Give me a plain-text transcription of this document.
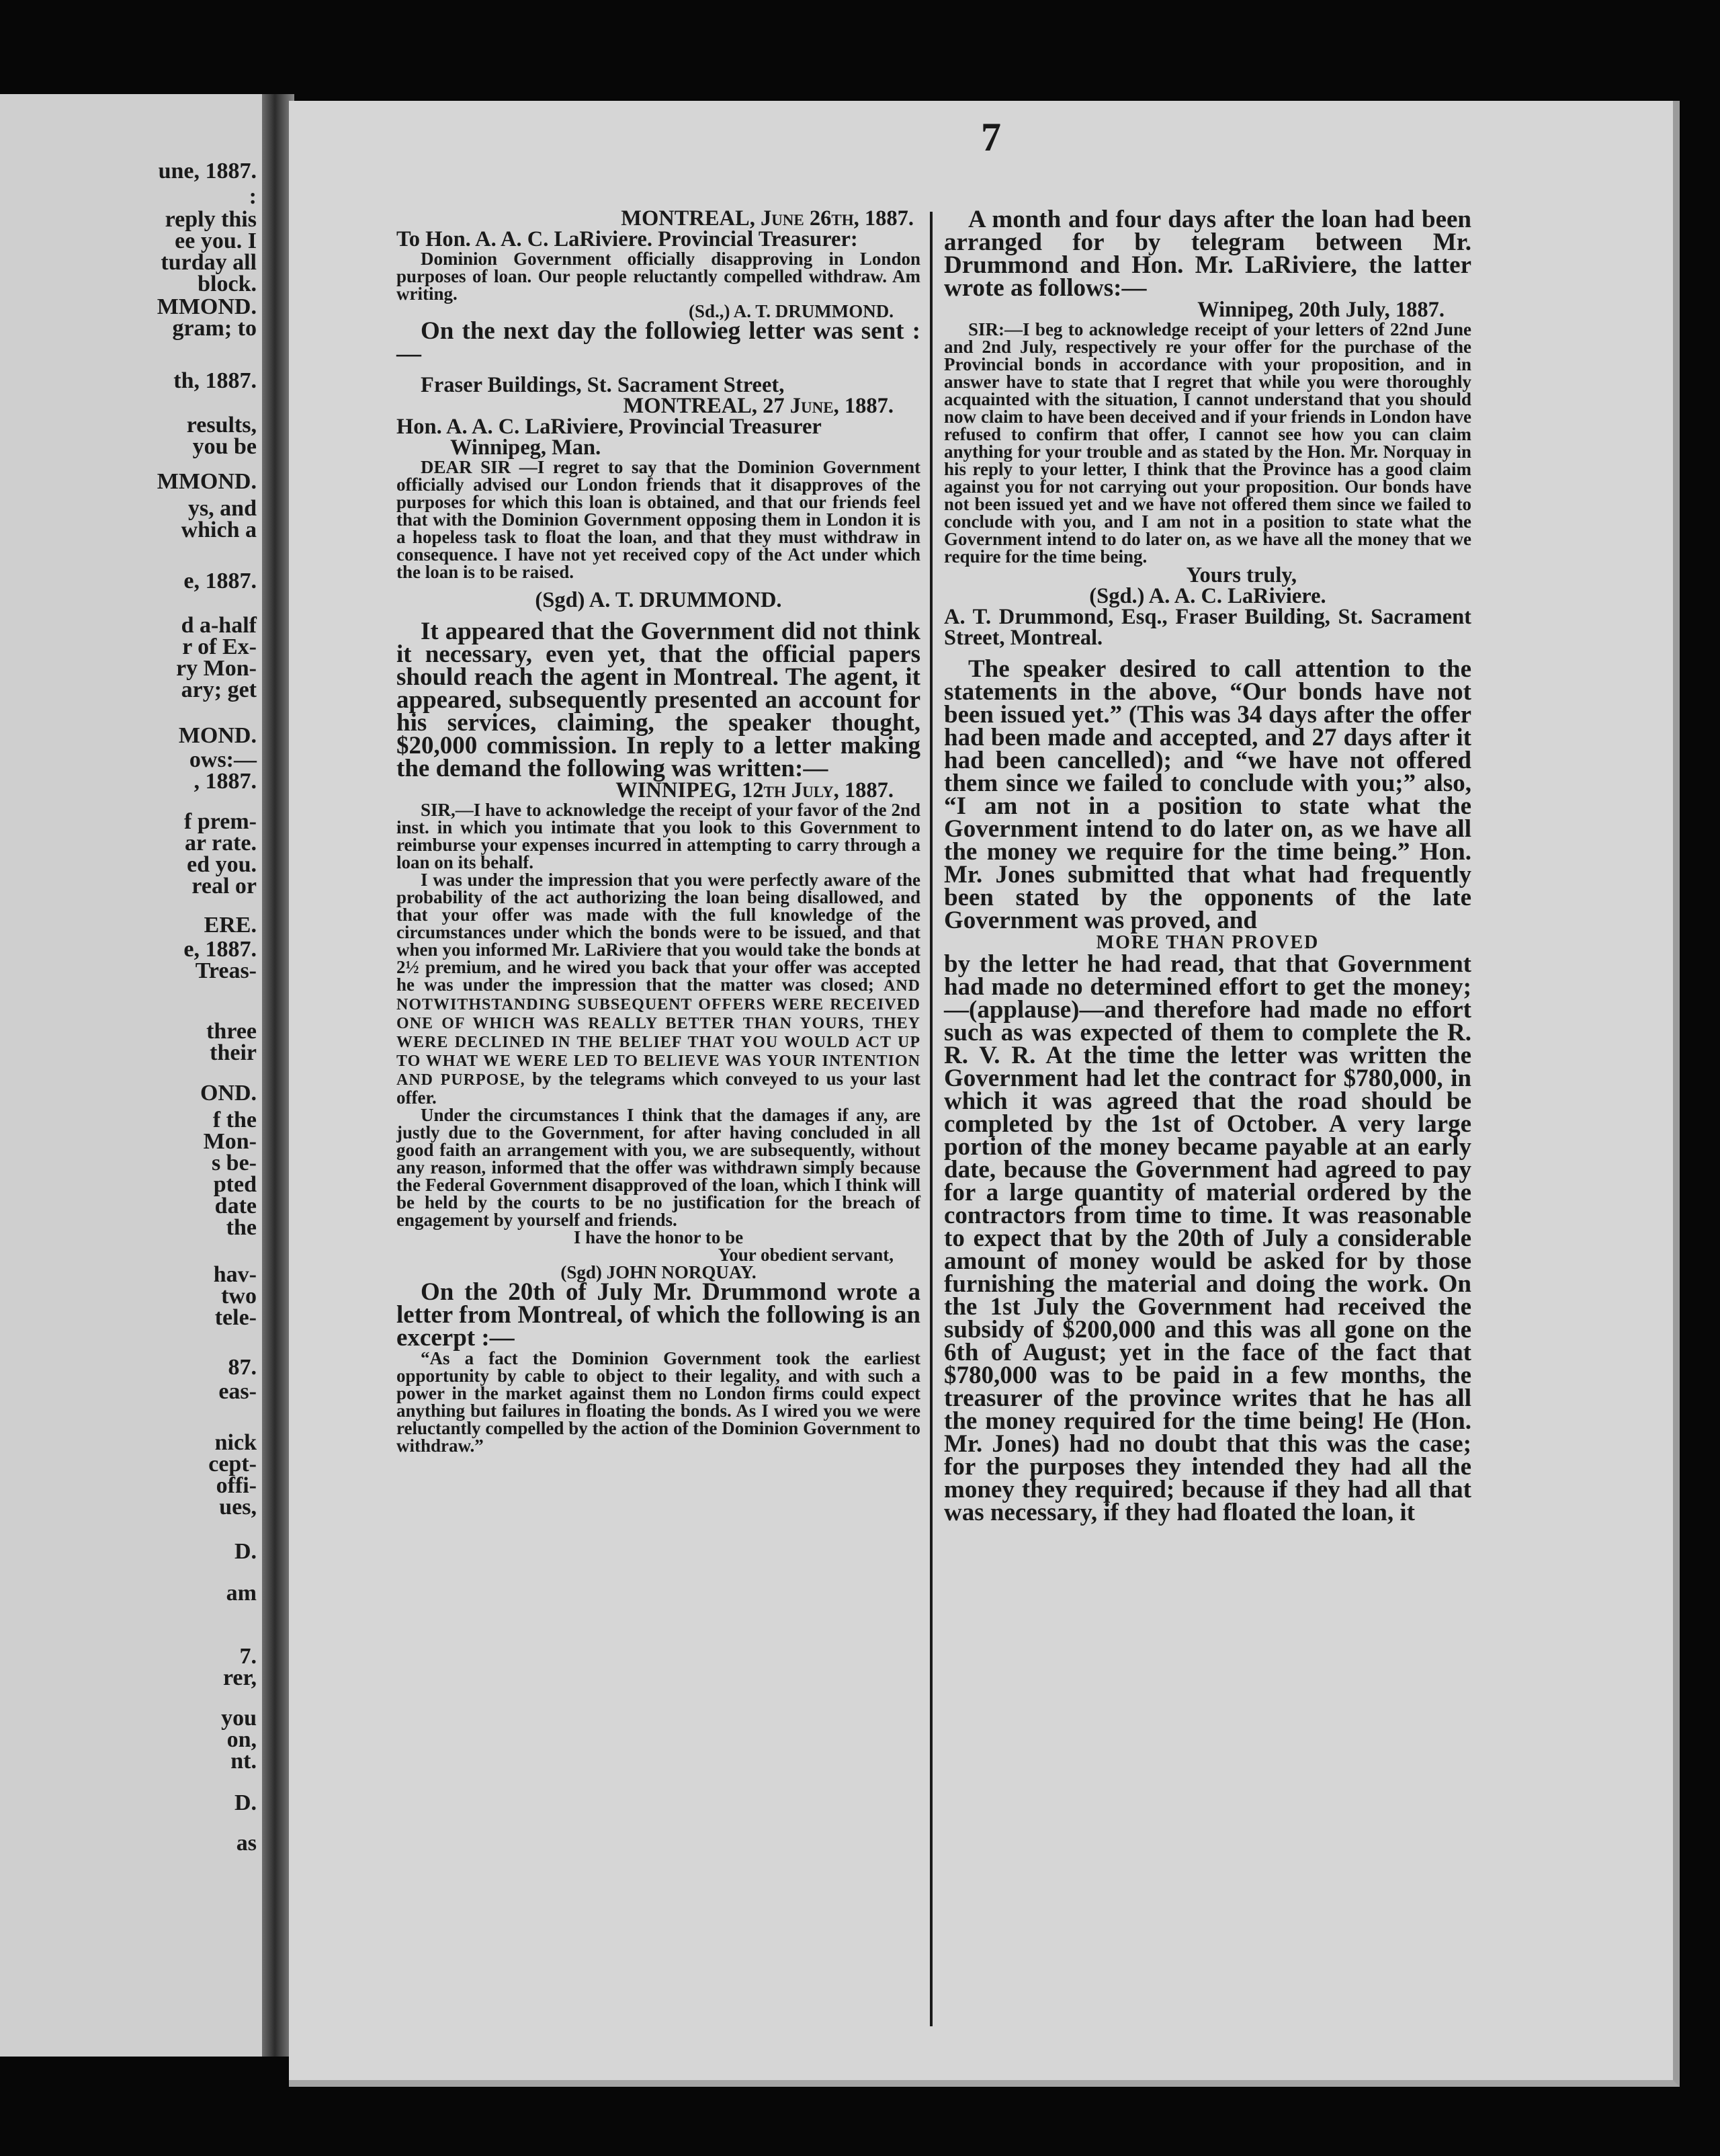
une, 1887.
:
reply this
ee you. I
turday all
block.
MMOND.
gram; to
th, 1887.
results,
you be
MMOND.
ys, and
which a
e, 1887.
d a-half
r of Ex-
ry Mon-
ary; get
MOND.
ows:—
, 1887.
f prem-
ar rate.
ed you.
real or
ERE.
e, 1887.
Treas-
three
their
OND.
f the
Mon-
s be-
pted
date
the
hav-
two
tele-
87.
eas-
nick
cept-
offi-
ues,
D.
am
7.
rer,
you
on,
nt.
D.
as
7

MONTREAL, June 26th, 1887.

To Hon. A. A. C. LaRiviere. Provincial Treasurer:

Dominion Government officially disapproving in London purposes of loan. Our people reluctantly compelled withdraw. Am writing.

(Sd.,) A. T. DRUMMOND.

On the next day the followieg letter was sent :—

Fraser Buildings, St. Sacrament Street,

MONTREAL, 27 June, 1887.

Hon. A. A. C. LaRiviere, Provincial Treasurer

Winnipeg, Man.

DEAR SIR —I regret to say that the Dominion Government officially advised our London friends that it disapproves of the purposes for which this loan is obtained, and that our friends feel that with the Dominion Government opposing them in London it is a hopeless task to float the loan, and that they must withdraw in consequence. I have not yet received copy of the Act under which the loan is to be raised.

(Sgd) A. T. DRUMMOND.

It appeared that the Government did not think it necessary, even yet, that the official papers should reach the agent in Montreal. The agent, it appeared, subsequently presented an account for his services, claiming, the speaker thought, $20,000 commission. In reply to a letter making the demand the following was written:—

WINNIPEG, 12th July, 1887.

SIR,—I have to acknowledge the receipt of your favor of the 2nd inst. in which you intimate that you look to this Government to reimburse your expenses incurred in attempting to carry through a loan on its behalf.

I was under the impression that you were perfectly aware of the probability of the act authorizing the loan being disallowed, and that your offer was made with the full knowledge of the circumstances under which the bonds were to be issued, and that when you informed Mr. LaRiviere that you would take the bonds at 2½ premium, and he wired you back that your offer was accepted he was under the impression that the matter was closed; AND NOTWITHSTANDING SUBSEQUENT OFFERS WERE RECEIVED ONE OF WHICH WAS REALLY BETTER THAN YOURS, THEY WERE DECLINED IN THE BELIEF THAT YOU WOULD ACT UP TO WHAT WE WERE LED TO BELIEVE WAS YOUR INTENTION AND PURPOSE, by the telegrams which conveyed to us your last offer.

Under the circumstances I think that the damages if any, are justly due to the Government, for after having concluded in all good faith an arrangement with you, we are subsequently, without any reason, informed that the offer was withdrawn simply because the Federal Government disapproved of the loan, which I think will be held by the courts to be no justification for the breach of engagement by yourself and friends.

I have the honor to be

Your obedient servant,

(Sgd) JOHN NORQUAY.

On the 20th of July Mr. Drummond wrote a letter from Montreal, of which the following is an excerpt :—

“As a fact the Dominion Government took the earliest opportunity by cable to object to their legality, and with such a power in the market against them no London firms could expect anything but failures in floating the bonds. As I wired you we were reluctantly compelled by the action of the Dominion Government to withdraw.”

A month and four days after the loan had been arranged for by telegram between Mr. Drummond and Hon. Mr. LaRiviere, the latter wrote as follows:—

Winnipeg, 20th July, 1887.

SIR:—I beg to acknowledge receipt of your letters of 22nd June and 2nd July, respectively re your offer for the purchase of the Provincial bonds in accordance with your proposition, and in answer have to state that I regret that while you were thoroughly acquainted with the situation, I cannot understand that you should now claim to have been deceived and if your friends in London have refused to confirm that offer, I cannot see how you can claim anything for your trouble and as stated by the Hon. Mr. Norquay in his reply to your letter, I think that the Province has a good claim against you for not carrying out your proposition. Our bonds have not been issued yet and we have not offered them since we failed to conclude with you, and I am not in a position to state what the Government intend to do later on, as we have all the money that we require for the time being.

Yours truly,

(Sgd.) A. A. C. LaRiviere.

A. T. Drummond, Esq., Fraser Building, St. Sacrament Street, Montreal.

The speaker desired to call attention to the statements in the above, “Our bonds have not been issued yet.” (This was 34 days after the offer had been made and accepted, and 27 days after it had been cancelled); and “we have not offered them since we failed to conclude with you;” also, “I am not in a position to state what the Government intend to do later on, as we have all the money we require for the time being.” Hon. Mr. Jones submitted that what had frequently been stated by the opponents of the late Government was proved, and

MORE THAN PROVED

by the letter he had read, that that Government had made no determined effort to get the money;—(applause)—and therefore had made no effort such as was expected of them to complete the R. R. V. R. At the time the letter was written the Government had let the contract for $780,000, in which it was agreed that the road should be completed by the 1st of October. A very large portion of the money became payable at an early date, because the Government had agreed to pay for a large quantity of material ordered by the contractors from time to time. It was reasonable to expect that by the 20th of July a considerable amount of money would be asked for by those furnishing the material and doing the work. On the 1st July the Government had received the subsidy of $200,000 and this was all gone on the 6th of August; yet in the face of the fact that $780,000 was to be paid in a few months, the treasurer of the province writes that he has all the money required for the time being! He (Hon. Mr. Jones) had no doubt that this was the case; for the purposes they intended they had all the money they required; because if they had all that was necessary, if they had floated the loan, it
